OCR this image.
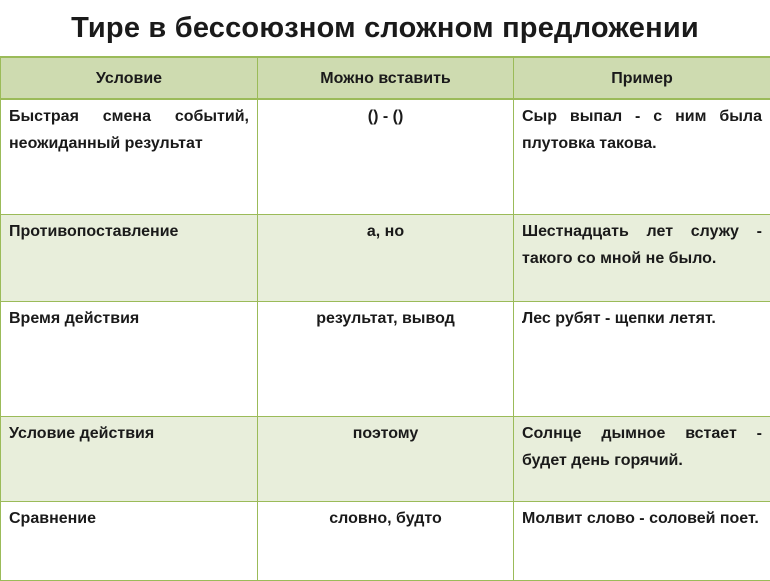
Тире в бессоюзном сложном предложении
Условие	Можно вставить	Пример
Быстрая смена событий, неожиданный результат	() - ()	Сыр выпал - с ним была плутовка такова.
Противопоставление	а, но	Шестнадцать лет служу - такого со мной не было.
Время действия	результат, вывод	Лес рубят - щепки летят.
Условие действия	поэтому	Солнце дымное встает - будет день горячий.
Сравнение	словно, будто	Молвит слово - соловей поет.
